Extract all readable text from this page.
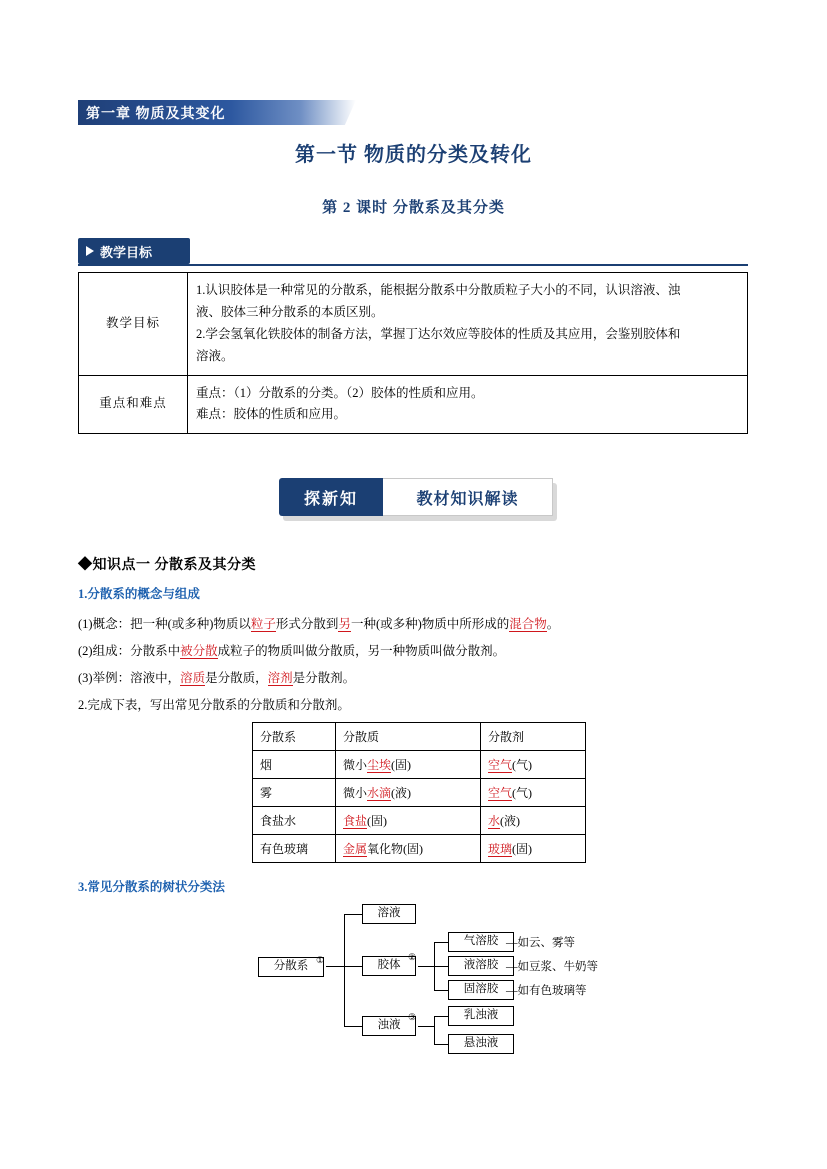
第一章 物质及其变化
第一节 物质的分类及转化
第 2 课时 分散系及其分类
教学目标
教学目标	1.认识胶体是一种常见的分散系，能根据分散系中分散质粒子大小的不同，认识溶液、浊
液、胶体三种分散系的本质区别。
2.学会氢氧化铁胶体的制备方法，掌握丁达尔效应等胶体的性质及其应用，会鉴别胶体和
溶液。

重点和难点	重点：（1）分散系的分类。（2）胶体的性质和应用。
难点：胶体的性质和应用。
探新知	教材知识解读
◆知识点一 分散系及其分类
1.分散系的概念与组成
(1)概念：把一种(或多种)物质以粒子形式分散到另一种(或多种)物质中所形成的混合物。
(2)组成：分散系中被分散成粒子的物质叫做分散质，另一种物质叫做分散剂。
(3)举例：溶液中，溶质是分散质，溶剂是分散剂。
2.完成下表，写出常见分散系的分散质和分散剂。
分散系	分散质	分散剂
烟	微小尘埃(固)	空气(气)
雾	微小水滴(液)	空气(气)
食盐水	食盐(固)	水(液)
有色玻璃	金属氧化物(固)	玻璃(固)
3.常见分散系的树状分类法
分散系 ①
溶液
胶体
②
浊液
③
气溶胶 —如云、雾等
液溶胶 —如豆浆、牛奶等
固溶胶 —如有色玻璃等
乳浊液
悬浊液
